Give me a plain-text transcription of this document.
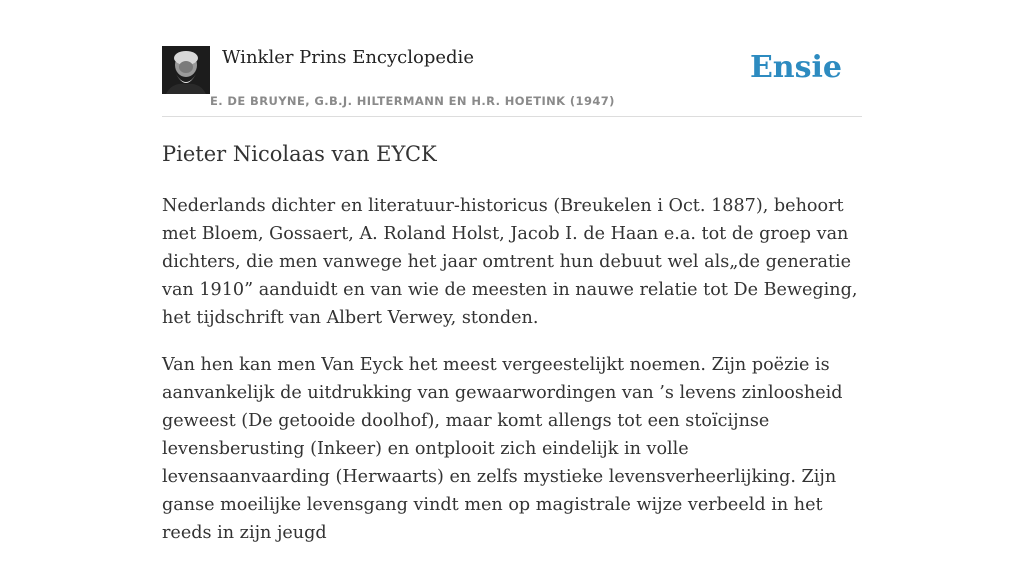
Winkler Prins Encyclopedie
E. DE BRUYNE, G.B.J. HILTERMANN EN H.R. HOETINK (1947)
Ensie
Pieter Nicolaas van EYCK

Nederlands dichter en literatuur-historicus (Breukelen i Oct. 1887), behoort met Bloem, Gossaert, A. Roland Holst, Jacob I. de Haan e.a. tot de groep van dichters, die men vanwege het jaar omtrent hun debuut wel als„de generatie van 1910” aanduidt en van wie de meesten in nauwe relatie tot De Beweging, het tijdschrift van Albert Verwey, stonden.

Van hen kan men Van Eyck het meest vergeestelijkt noemen. Zijn poëzie is aanvankelijk de uitdrukking van gewaarwordingen van ’s levens zinloosheid geweest (De getooide doolhof), maar komt allengs tot een stoïcijnse levensberusting (Inkeer) en ontplooit zich eindelijk in volle levensaanvaarding (Herwaarts) en zelfs mystieke levensverheerlijking. Zijn ganse moeilijke levensgang vindt men op magistrale wijze verbeeld in het reeds in zijn jeugd
